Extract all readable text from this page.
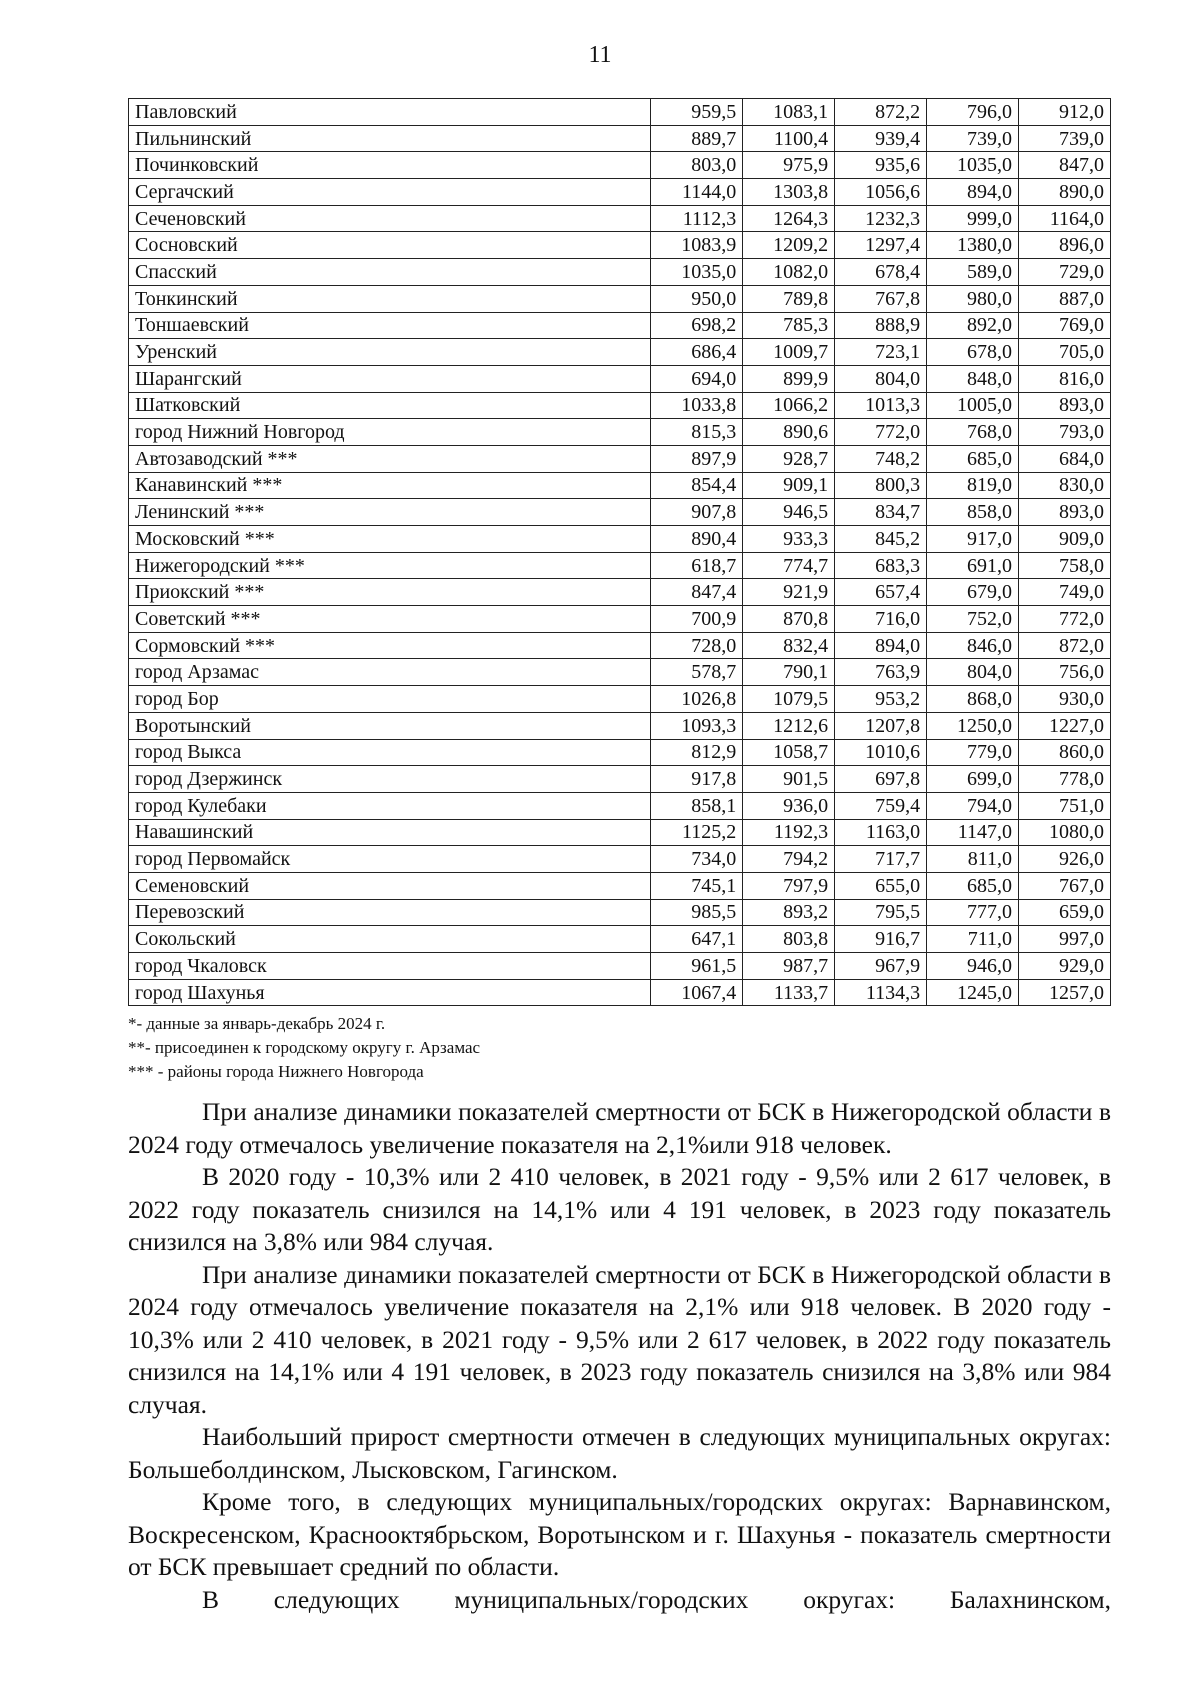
11
Павловский	959,5	1083,1	872,2	796,0	912,0
Пильнинский	889,7	1100,4	939,4	739,0	739,0
Починковский	803,0	975,9	935,6	1035,0	847,0
Сергачский	1144,0	1303,8	1056,6	894,0	890,0
Сеченовский	1112,3	1264,3	1232,3	999,0	1164,0
Сосновский	1083,9	1209,2	1297,4	1380,0	896,0
Спасский	1035,0	1082,0	678,4	589,0	729,0
Тонкинский	950,0	789,8	767,8	980,0	887,0
Тоншаевский	698,2	785,3	888,9	892,0	769,0
Уренский	686,4	1009,7	723,1	678,0	705,0
Шарангский	694,0	899,9	804,0	848,0	816,0
Шатковский	1033,8	1066,2	1013,3	1005,0	893,0
город Нижний Новгород	815,3	890,6	772,0	768,0	793,0
Автозаводский ***	897,9	928,7	748,2	685,0	684,0
Канавинский ***	854,4	909,1	800,3	819,0	830,0
Ленинский ***	907,8	946,5	834,7	858,0	893,0
Московский ***	890,4	933,3	845,2	917,0	909,0
Нижегородский ***	618,7	774,7	683,3	691,0	758,0
Приокский ***	847,4	921,9	657,4	679,0	749,0
Советский ***	700,9	870,8	716,0	752,0	772,0
Сормовский ***	728,0	832,4	894,0	846,0	872,0
город Арзамас	578,7	790,1	763,9	804,0	756,0
город Бор	1026,8	1079,5	953,2	868,0	930,0
Воротынский	1093,3	1212,6	1207,8	1250,0	1227,0
город Выкса	812,9	1058,7	1010,6	779,0	860,0
город Дзержинск	917,8	901,5	697,8	699,0	778,0
город Кулебаки	858,1	936,0	759,4	794,0	751,0
Навашинский	1125,2	1192,3	1163,0	1147,0	1080,0
город Первомайск	734,0	794,2	717,7	811,0	926,0
Семеновский	745,1	797,9	655,0	685,0	767,0
Перевозский	985,5	893,2	795,5	777,0	659,0
Сокольский	647,1	803,8	916,7	711,0	997,0
город Чкаловск	961,5	987,7	967,9	946,0	929,0
город Шахунья	1067,4	1133,7	1134,3	1245,0	1257,0
*- данные за январь-декабрь 2024 г.
**- присоединен к городскому округу г. Арзамас
*** - районы города Нижнего Новгорода

При анализе динамики показателей смертности от БСК в Нижегородской области в 2024 году отмечалось увеличение показателя на 2,1%или 918 человек.

В 2020 году - 10,3% или 2 410 человек, в 2021 году - 9,5% или 2 617 человек, в 2022 году показатель снизился на 14,1% или 4 191 человек, в 2023 году показатель снизился на 3,8% или 984 случая.

При анализе динамики показателей смертности от БСК в Нижегородской области в 2024 году отмечалось увеличение показателя на 2,1% или 918 человек. В 2020 году - 10,3% или 2 410 человек, в 2021 году - 9,5% или 2 617 человек, в 2022 году показатель снизился на 14,1% или 4 191 человек, в 2023 году показатель снизился на 3,8% или 984 случая.

Наибольший прирост смертности отмечен в следующих муниципальных округах: Большеболдинском, Лысковском, Гагинском.

Кроме того, в следующих муниципальных/городских округах: Варнавинском, Воскресенском, Краснооктябрьском, Воротынском и г. Шахунья - показатель смертности от БСК превышает средний по области.

В следующих муниципальных/городских округах: Балахнинском,
